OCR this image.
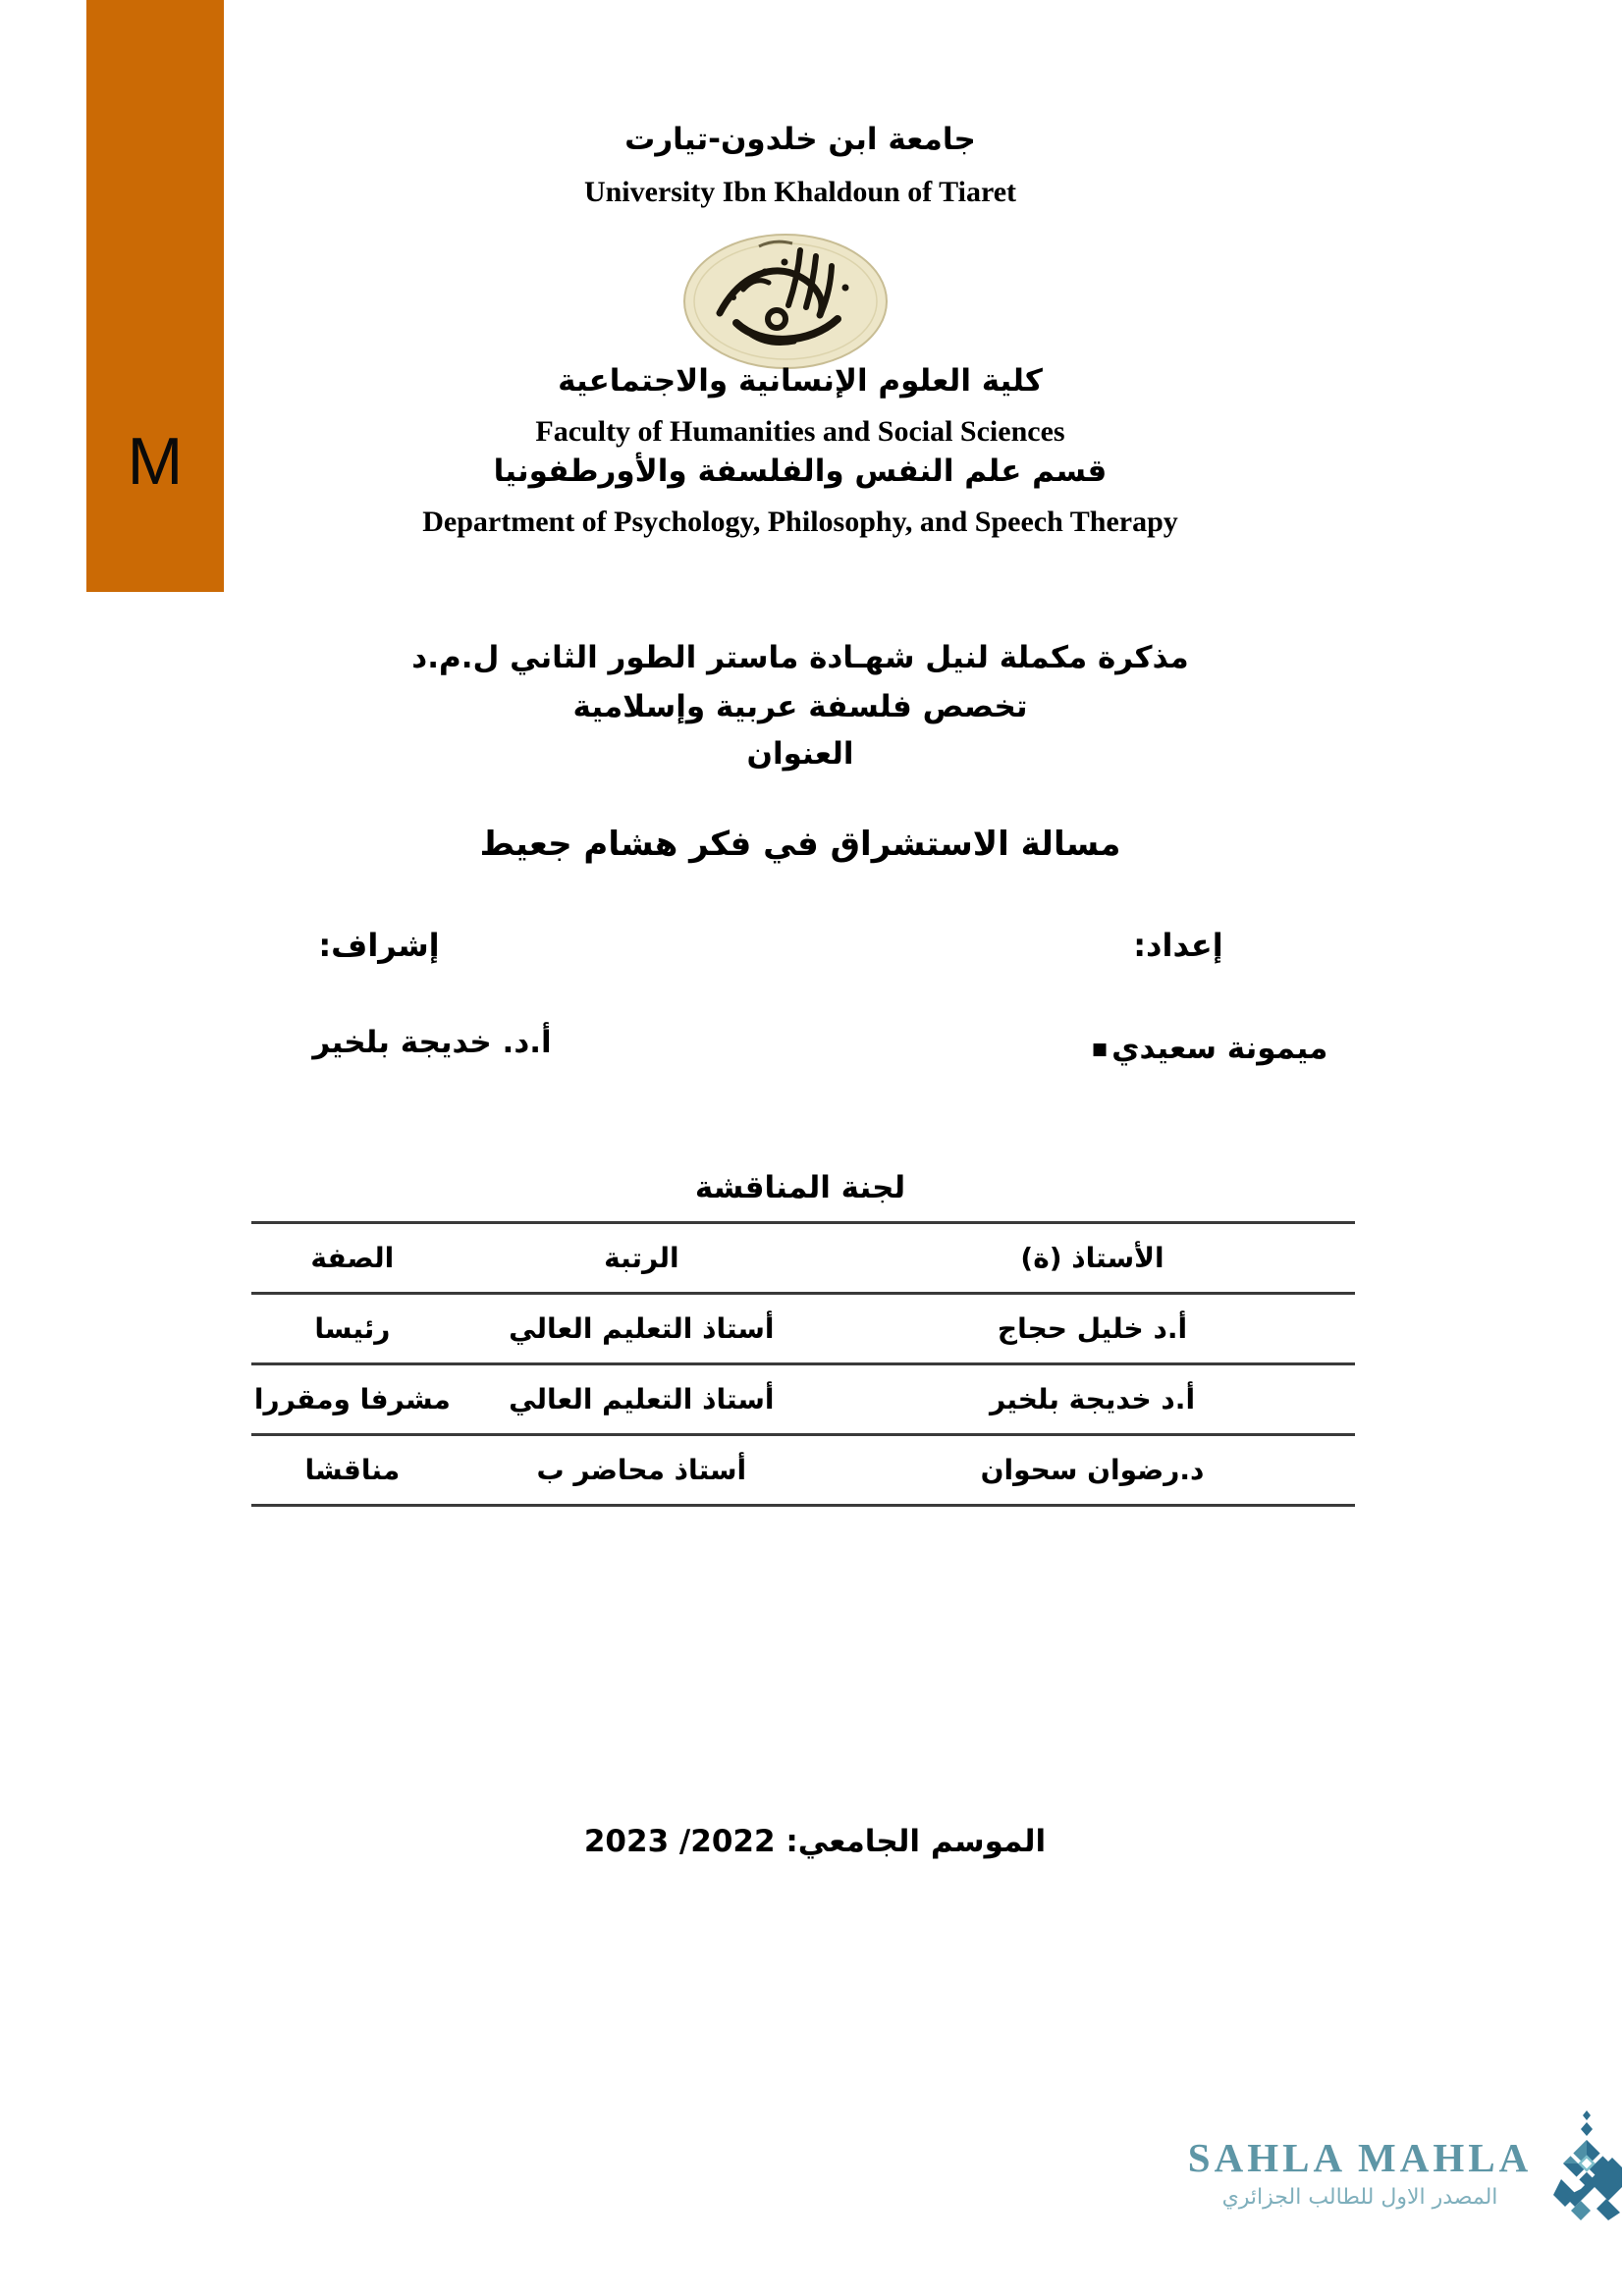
M
جامعة ابن خلدون-تيارت
University Ibn Khaldoun of Tiaret
كلية العلوم الإنسانية والاجتماعية
Faculty of Humanities and Social Sciences
قسم علم النفس والفلسفة والأورطفونيا
Department of Psychology, Philosophy, and Speech Therapy
مذكرة مكملة لنيل شهـادة ماستر الطور الثاني ل.م.د
تخصص فلسفة عربية وإسلامية
العنوان
مسالة الاستشراق في فكر هشام جعيط
إعداد:
إشراف:
■ ميمونة سعيدي
أ.د. خديجة بلخير
لجنة المناقشة
الأستاذ (ة)	الرتبة	الصفة
أ.د خليل حجاج	أستاذ التعليم العالي	رئيسا
أ.د خديجة بلخير	أستاذ التعليم العالي	مشرفا ومقررا
د.رضوان سحوان	أستاذ محاضر ب	مناقشا
الموسم الجامعي: 2022/ 2023
SAHLA MAHLA
المصدر الاول للطالب الجزائري
